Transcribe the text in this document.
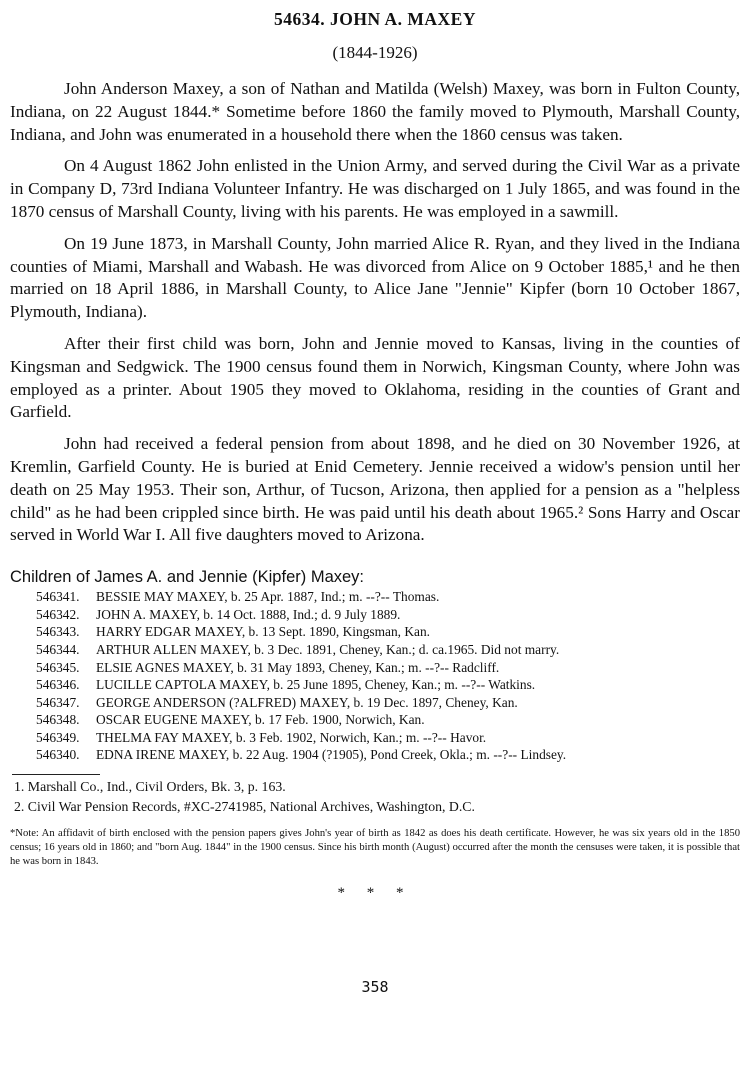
54634. JOHN A. MAXEY
(1844-1926)

John Anderson Maxey, a son of Nathan and Matilda (Welsh) Maxey, was born in Fulton County, Indiana, on 22 August 1844.* Sometime before 1860 the family moved to Plymouth, Marshall County, Indiana, and John was enumerated in a household there when the 1860 census was taken.

On 4 August 1862 John enlisted in the Union Army, and served during the Civil War as a private in Company D, 73rd Indiana Volunteer Infantry. He was discharged on 1 July 1865, and was found in the 1870 census of Marshall County, living with his parents. He was employed in a sawmill.

On 19 June 1873, in Marshall County, John married Alice R. Ryan, and they lived in the Indiana counties of Miami, Marshall and Wabash. He was divorced from Alice on 9 October 1885,¹ and he then married on 18 April 1886, in Marshall County, to Alice Jane "Jennie" Kipfer (born 10 October 1867, Plymouth, Indiana).

After their first child was born, John and Jennie moved to Kansas, living in the counties of Kingsman and Sedgwick. The 1900 census found them in Norwich, Kingsman County, where John was employed as a printer. About 1905 they moved to Oklahoma, residing in the counties of Grant and Garfield.

John had received a federal pension from about 1898, and he died on 30 November 1926, at Kremlin, Garfield County. He is buried at Enid Cemetery. Jennie received a widow's pension until her death on 25 May 1953. Their son, Arthur, of Tucson, Arizona, then applied for a pension as a "helpless child" as he had been crippled since birth. He was paid until his death about 1965.² Sons Harry and Oscar served in World War I. All five daughters moved to Arizona.

Children of James A. and Jennie (Kipfer) Maxey:
546341. BESSIE MAY MAXEY, b. 25 Apr. 1887, Ind.; m. --?-- Thomas.
546342. JOHN A. MAXEY, b. 14 Oct. 1888, Ind.; d. 9 July 1889.
546343. HARRY EDGAR MAXEY, b. 13 Sept. 1890, Kingsman, Kan.
546344. ARTHUR ALLEN MAXEY, b. 3 Dec. 1891, Cheney, Kan.; d. ca.1965. Did not marry.
546345. ELSIE AGNES MAXEY, b. 31 May 1893, Cheney, Kan.; m. --?-- Radcliff.
546346. LUCILLE CAPTOLA MAXEY, b. 25 June 1895, Cheney, Kan.; m. --?-- Watkins.
546347. GEORGE ANDERSON (?ALFRED) MAXEY, b. 19 Dec. 1897, Cheney, Kan.
546348. OSCAR EUGENE MAXEY, b. 17 Feb. 1900, Norwich, Kan.
546349. THELMA FAY MAXEY, b. 3 Feb. 1902, Norwich, Kan.; m. --?-- Havor.
546340. EDNA IRENE MAXEY, b. 22 Aug. 1904 (?1905), Pond Creek, Okla.; m. --?-- Lindsey.
1. Marshall Co., Ind., Civil Orders, Bk. 3, p. 163.
2. Civil War Pension Records, #XC-2741985, National Archives, Washington, D.C.
*Note: An affidavit of birth enclosed with the pension papers gives John's year of birth as 1842 as does his death certificate. However, he was six years old in the 1850 census; 16 years old in 1860; and "born Aug. 1844" in the 1900 census. Since his birth month (August) occurred after the month the censuses were taken, it is possible that he was born in 1843.
* * *
358
